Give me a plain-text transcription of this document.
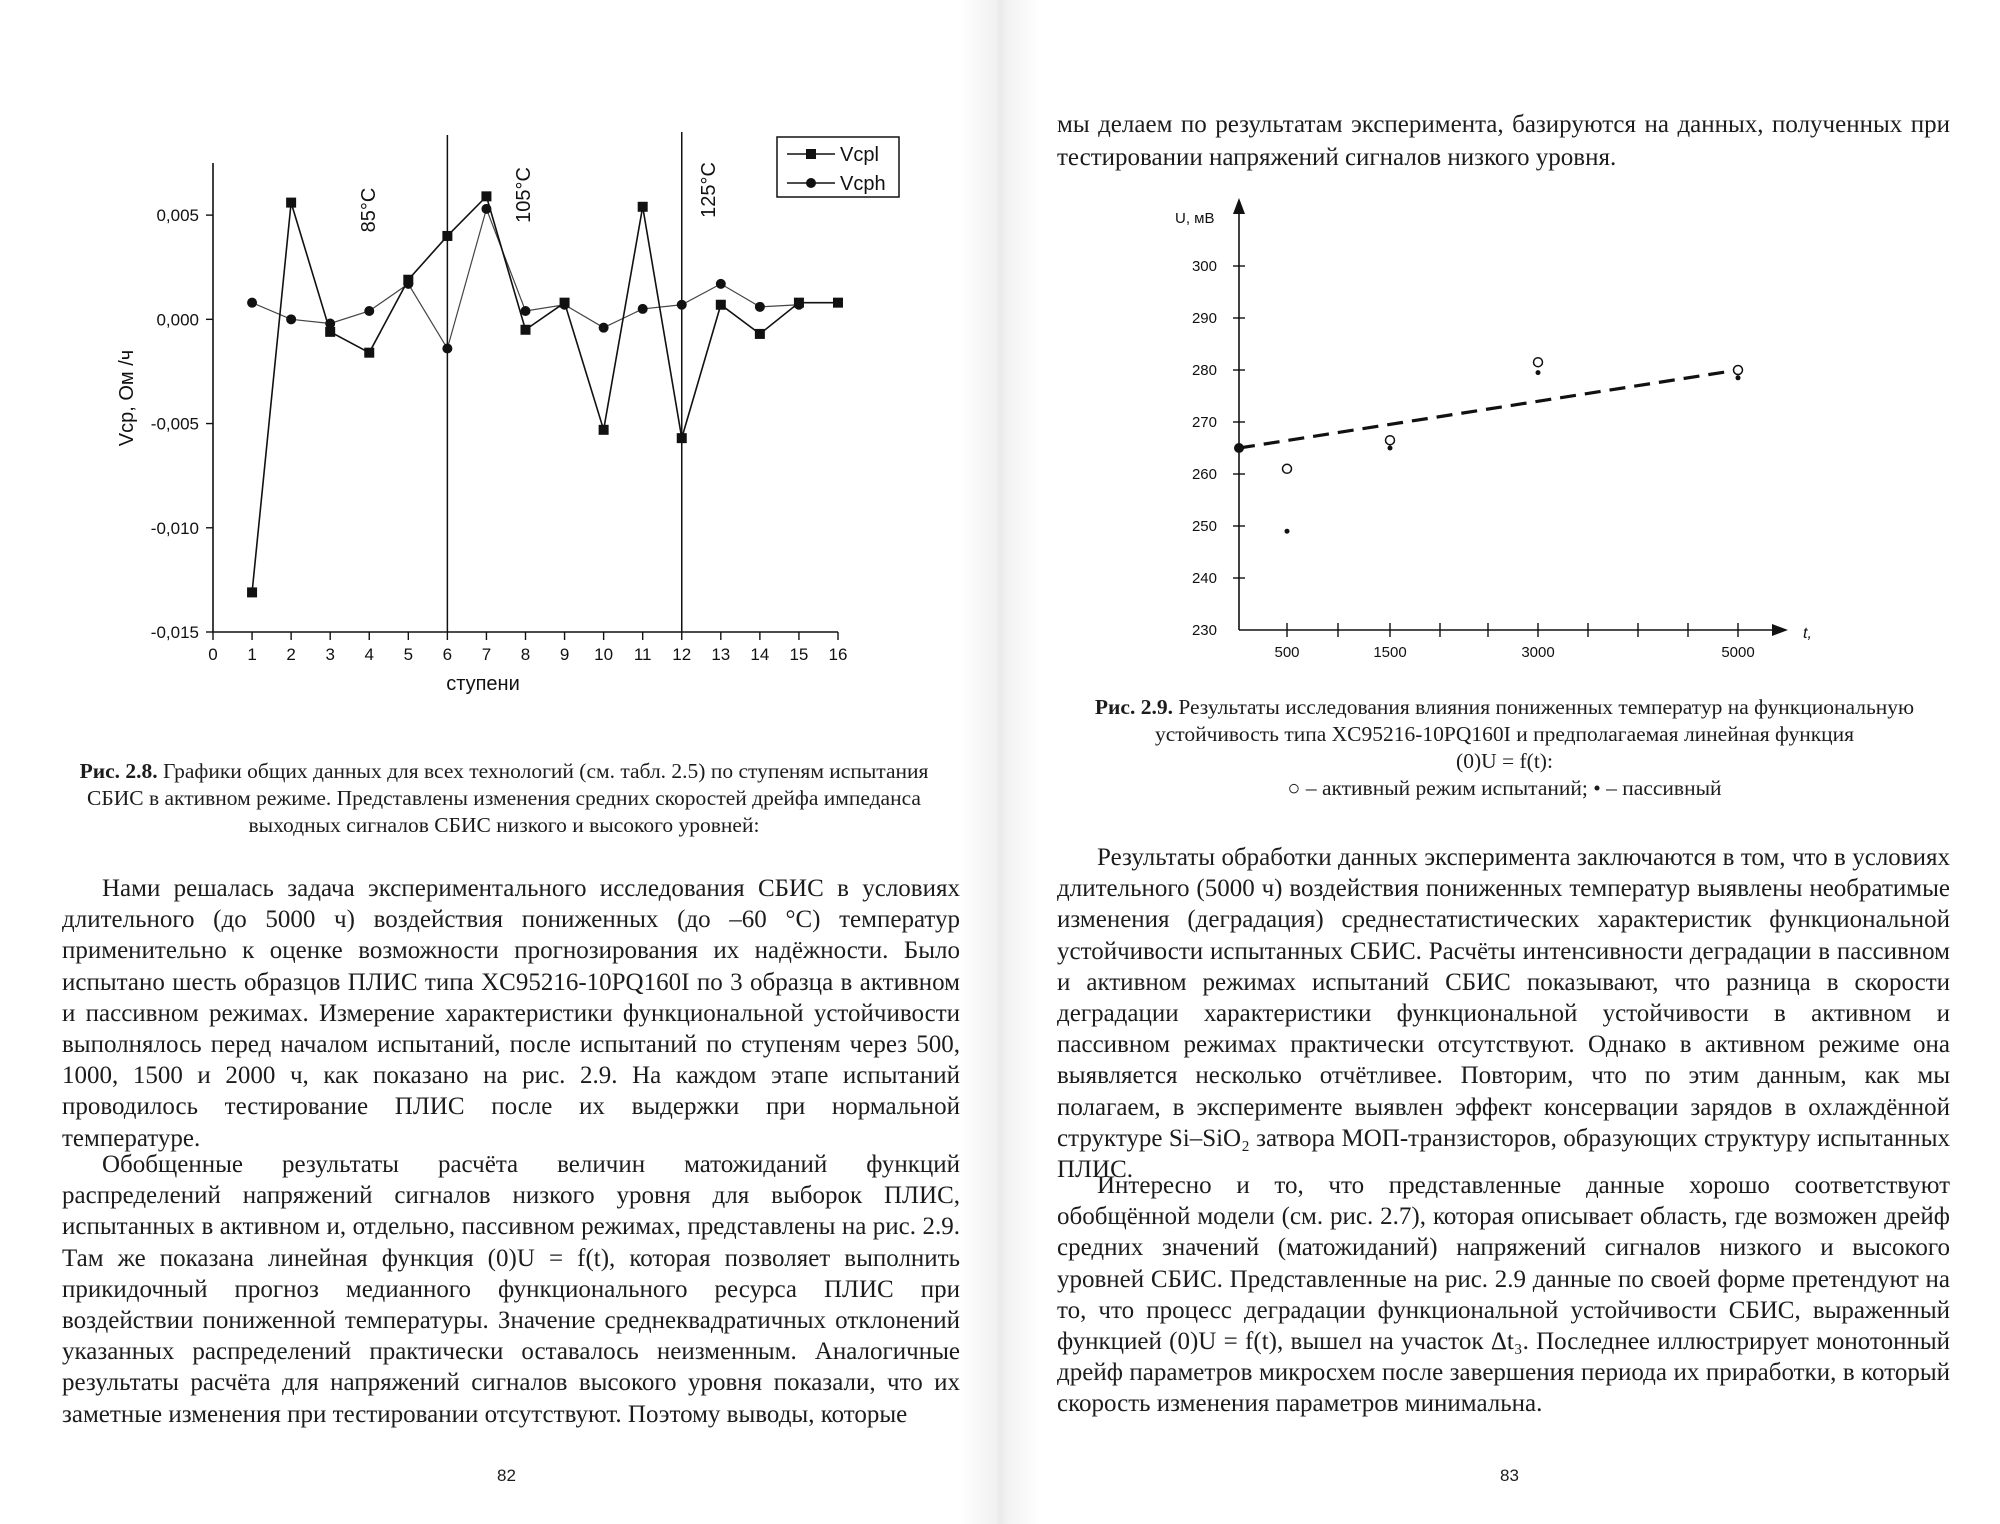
0 1 2 3 4 5 6 7 8 9 10 11 12 13 14 15 16
0,005
0,000
-0,005
-0,010
-0,015
ступени
Vcp, Ом /ч
85°C	105°C	125°C
Vcpl
Vcph

Рис. 2.8. Графики общих данных для всех технологий (см. табл. 2.5) по ступеням испытания СБИС в активном режиме. Представлены изменения средних скоростей дрейфа импеданса выходных сигналов СБИС низкого и высокого уровней:

Нами решалась задача экспериментального исследования СБИС в условиях длительного (до 5000 ч) воздействия пониженных (до –60 °С) температур применительно к оценке возможности прогнозирования их надёжности. Было испытано шесть образцов ПЛИС типа XC95216-10PQ160I по 3 образца в активном и пассивном режимах. Измерение характеристики функциональной устойчивости выполнялось перед началом испытаний, после испытаний по ступеням через 500, 1000, 1500 и 2000 ч, как показано на рис. 2.9. На каждом этапе испытаний проводилось тестирование ПЛИС после их выдержки при нормальной температуре.

Обобщенные результаты расчёта величин матожиданий функций распределений напряжений сигналов низкого уровня для выборок ПЛИС, испытанных в активном и, отдельно, пассивном режимах, представлены на рис. 2.9. Там же показана линейная функция (0)U = f(t), которая позволяет выполнить прикидочный прогноз медианного функционального ресурса ПЛИС при воздействии пониженной температуры. Значение среднеквадратичных отклонений указанных распределений практически оставалось неизменным. Аналогичные результаты расчёта для напряжений сигналов высокого уровня показали, что их заметные изменения при тестировании отсутствуют. Поэтому выводы, которые

82

мы делаем по результатам эксперимента, базируются на данных, полученных при тестировании напряжений сигналов низкого уровня.

300
290
280
270
260
250
240
230
U, мВ
t,
500	1500	3000	5000

Рис. 2.9. Результаты исследования влияния пониженных температур на функциональную устойчивость типа XC95216-10PQ160I и предполагаемая линейная функция
(0)U = f(t):
○ – активный режим испытаний; • – пассивный

Результаты обработки данных эксперимента заключаются в том, что в условиях длительного (5000 ч) воздействия пониженных температур выявлены необратимые изменения (деградация) среднестатистических характеристик функциональной устойчивости испытанных СБИС. Расчёты интенсивности деградации в пассивном и активном режимах испытаний СБИС показывают, что разница в скорости деградации характеристики функциональной устойчивости в активном и пассивном режимах практически отсутствуют. Однако в активном режиме она выявляется несколько отчётливее. Повторим, что по этим данным, как мы полагаем, в эксперименте выявлен эффект консервации зарядов в охлаждённой структуре Si–SiO₂ затвора МОП-транзисторов, образующих структуру испытанных ПЛИС.

Интересно и то, что представленные данные хорошо соответствуют обобщённой модели (см. рис. 2.7), которая описывает область, где возможен дрейф средних значений (матожиданий) напряжений сигналов низкого и высокого уровней СБИС. Представленные на рис. 2.9 данные по своей форме претендуют на то, что процесс деградации функциональной устойчивости СБИС, выраженный функцией (0)U = f(t), вышел на участок Δt₃. Последнее иллюстрирует монотонный дрейф параметров микросхем после завершения периода их приработки, в который скорость изменения параметров минимальна.

83
